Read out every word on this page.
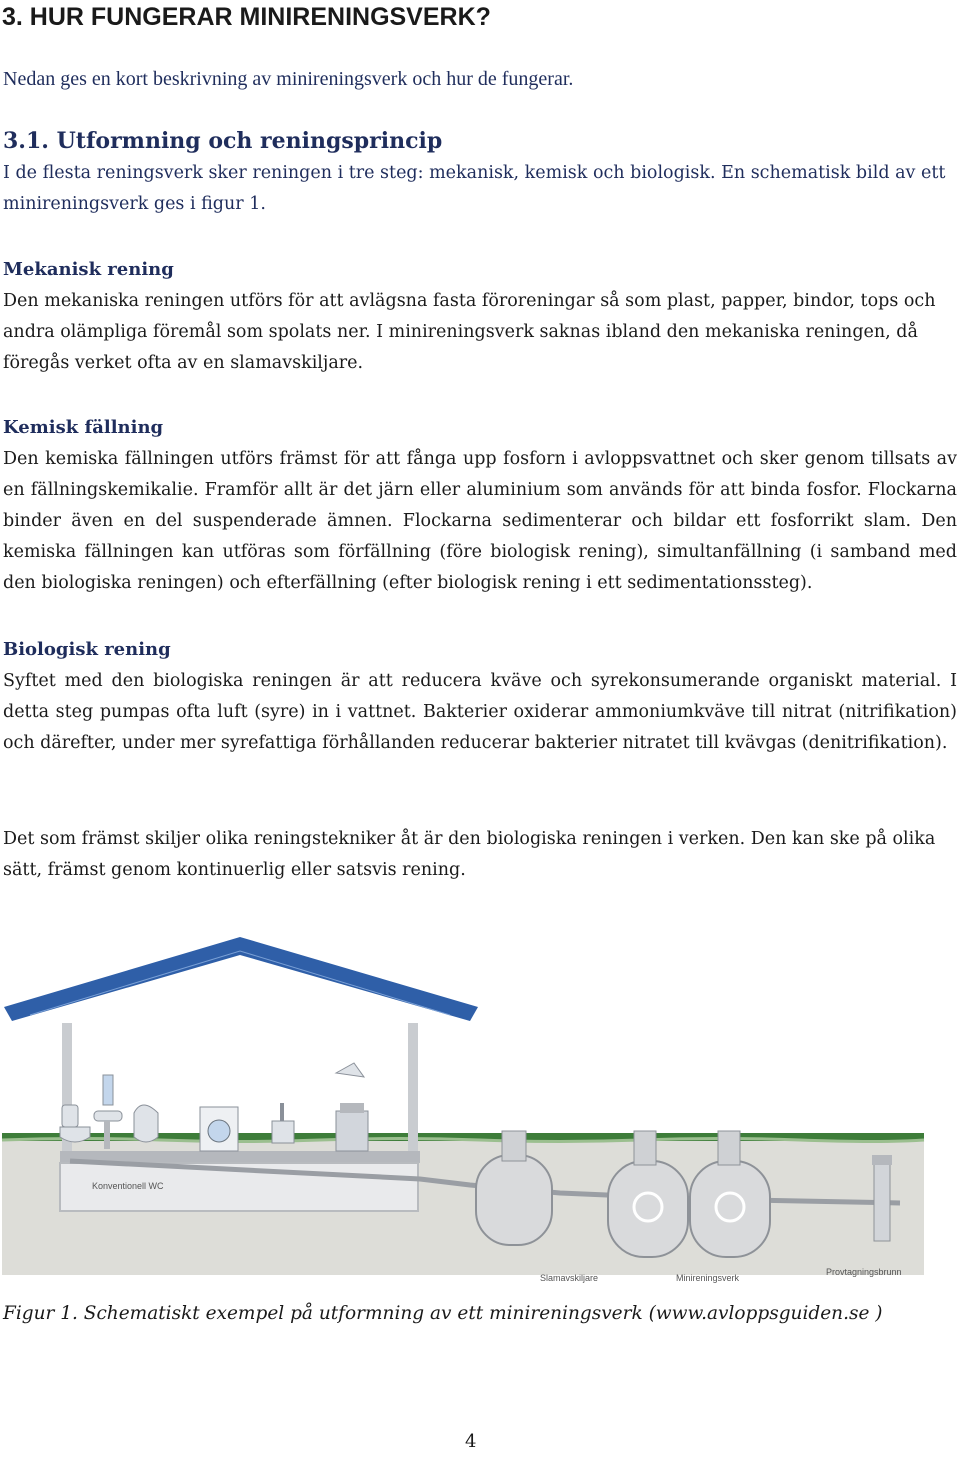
3. HUR FUNGERAR MINIRENINGSVERK?

Nedan ges en kort beskrivning av minireningsverk och hur de fungerar.

3.1. Utformning och reningsprincip

I de flesta reningsverk sker reningen i tre steg: mekanisk, kemisk och biologisk. En schematisk bild av ett minireningsverk ges i figur 1.

Mekanisk rening

Den mekaniska reningen utförs för att avlägsna fasta föroreningar så som plast, papper, bindor, tops och andra olämpliga föremål som spolats ner. I minireningsverk saknas ibland den mekaniska reningen, då föregås verket ofta av en slamavskiljare.

Kemisk fällning

Den kemiska fällningen utförs främst för att fånga upp fosforn i avloppsvattnet och sker genom tillsats av en fällningskemikalie. Framför allt är det järn eller aluminium som används för att binda fosfor. Flockarna binder även en del suspenderade ämnen. Flockarna sedimenterar och bildar ett fosforrikt slam. Den kemiska fällningen kan utföras som förfällning (före biologisk rening), simultanfällning (i samband med den biologiska reningen) och efterfällning (efter biologisk rening i ett sedimentationssteg).

Biologisk rening

Syftet med den biologiska reningen är att reducera kväve och syrekonsumerande organiskt material. I detta steg pumpas ofta luft (syre) in i vattnet. Bakterier oxiderar ammoniumkväve till nitrat (nitrifikation) och därefter, under mer syrefattiga förhållanden reducerar bakterier nitratet till kvävgas (denitrifikation).

Det som främst skiljer olika reningstekniker åt är den biologiska reningen i verken. Den kan ske på olika sätt, främst genom kontinuerlig eller satsvis rening.

Konventionell WC
Slamavskiljare	Minireningsverk
Provtagningsbrunn

Figur 1. Schematiskt exempel på utformning av ett minireningsverk (www.avloppsguiden.se )

4
